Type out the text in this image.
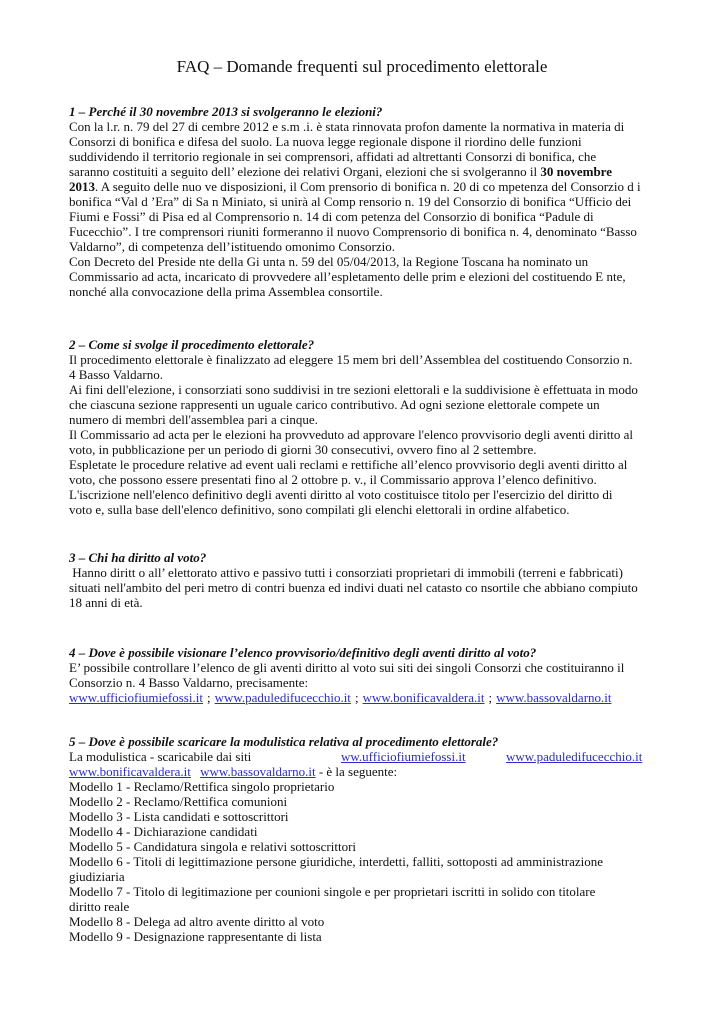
FAQ – Domande frequenti sul procedimento elettorale
1 – Perché il 30 novembre 2013 si svolgeranno le elezioni?
Con la l.r. n. 79 del 27 di cembre 2012 e s.m .i. è stata rinnovata profon damente la normativa in materia di
Consorzi di bonifica e difesa del suolo. La nuova legge regionale dispone il riordino delle funzioni
suddividendo il territorio regionale in sei comprensori, affidati ad altrettanti Consorzi di bonifica, che
saranno costituiti a seguito dell’ elezione dei relativi Organi, elezioni che si svolgeranno il 30 novembre
2013. A seguito delle nuo ve disposizioni, il Com prensorio di bonifica n. 20 di co mpetenza del Consorzio d i
bonifica “Val d ’Era” di Sa n Miniato, si unirà al Comp rensorio n. 19 del Consorzio di bonifica “Ufficio dei
Fiumi e Fossi” di Pisa ed al Comprensorio n. 14 di com petenza del Consorzio di bonifica “Padule di
Fucecchio”. I tre comprensori riuniti formeranno il nuovo Comprensorio di bonifica n. 4, denominato “Basso
Valdarno”, di competenza dell’istituendo omonimo Consorzio.
Con Decreto del Preside nte della Gi unta n. 59 del 05/04/2013, la Regione Toscana ha nominato un
Commissario ad acta, incaricato di provvedere all’espletamento delle prim e elezioni del costituendo E nte,
nonché alla convocazione della prima Assemblea consortile.
2 – Come si svolge il procedimento elettorale?
Il procedimento elettorale è finalizzato ad eleggere 15 mem bri dell’Assemblea del costituendo Consorzio n.
4 Basso Valdarno.
Ai fini dell'elezione, i consorziati sono suddivisi in tre sezioni elettorali e la suddivisione è effettuata in modo
che ciascuna sezione rappresenti un uguale carico contributivo. Ad ogni sezione elettorale compete un
numero di membri dell'assemblea pari a cinque.
Il Commissario ad acta per le elezioni ha provveduto ad approvare l'elenco provvisorio degli aventi diritto al
voto, in pubblicazione per un periodo di giorni 30 consecutivi, ovvero fino al 2 settembre.
Espletate le procedure relative ad event uali reclami e rettifiche all’elenco provvisorio degli aventi diritto al
voto, che possono essere presentati fino al 2 ottobre p. v., il Commissario approva l’elenco definitivo.
L'iscrizione nell'elenco definitivo degli aventi diritto al voto costituisce titolo per l'esercizio del diritto di
voto e, sulla base dell'elenco definitivo, sono compilati gli elenchi elettorali in ordine alfabetico.
3 – Chi ha diritto al voto?
Hanno diritt o all’ elettorato attivo e passivo tutti i consorziati proprietari di immobili (terreni e fabbricati)
situati nell'ambito del peri metro di contri buenza ed indivi duati nel catasto co nsortile che abbiano compiuto
18 anni di età.
4 – Dove è possibile visionare l’elenco provvisorio/definitivo degli aventi diritto al voto?
E’ possibile controllare l’elenco de gli aventi diritto al voto sui siti dei singoli Consorzi che costituiranno il
Consorzio n. 4 Basso Valdarno, precisamente:
www.ufficiofiumiefossi.it ; www.paduledifucecchio.it ; www.bonificavaldera.it ; www.bassovaldarno.it
5 – Dove è possibile scaricare la modulistica relativa al procedimento elettorale?
La modulistica - scaricabile dai siti	ww.ufficiofiumiefossi.it	www.paduledifucecchio.it
www.bonificavaldera.it www.bassovaldarno.it - è la seguente:
Modello 1 - Reclamo/Rettifica singolo proprietario
Modello 2 - Reclamo/Rettifica comunioni
Modello 3 - Lista candidati e sottoscrittori
Modello 4 - Dichiarazione candidati
Modello 5 - Candidatura singola e relativi sottoscrittori
Modello 6 - Titoli di legittimazione persone giuridiche, interdetti, falliti, sottoposti ad amministrazione
giudiziaria
Modello 7 - Titolo di legitimazione per counioni singole e per proprietari iscritti in solido con titolare
diritto reale
Modello 8 - Delega ad altro avente diritto al voto
Modello 9 - Designazione rappresentante di lista
